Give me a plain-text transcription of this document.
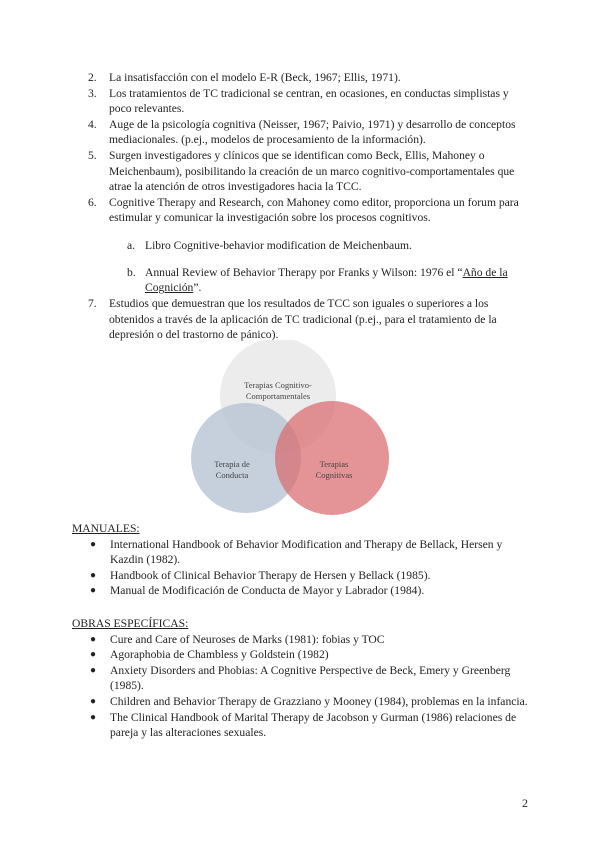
2. La insatisfacción con el modelo E-R (Beck, 1967; Ellis, 1971).

3. Los tratamientos de TC tradicional se centran, en ocasiones, en conductas simplistas y poco relevantes.

4. Auge de la psicología cognitiva (Neisser, 1967; Paivio, 1971) y desarrollo de conceptos mediacionales. (p.ej., modelos de procesamiento de la información).

5. Surgen investigadores y clínicos que se identifican como Beck, Ellis, Mahoney o Meichenbaum), posibilitando la creación de un marco cognitivo-comportamentales que atrae la atención de otros investigadores hacia la TCC.

6. Cognitive Therapy and Research, con Mahoney como editor, proporciona un forum para estimular y comunicar la investigación sobre los procesos cognitivos.

a. Libro Cognitive-behavior modification de Meichenbaum.

b. Annual Review of Behavior Therapy por Franks y Wilson: 1976 el “Año de la Cognición”.

7. Estudios que demuestran que los resultados de TCC son iguales o superiores a los obtenidos a través de la aplicación de TC tradicional (p.ej., para el tratamiento de la depresión o del trastorno de pánico).

Terapias Cognitivo-
Comportamentales
Terapia de
Conducta
Terapias
Cognitivas

MANUALES:

● International Handbook of Behavior Modification and Therapy de Bellack, Hersen y Kazdin (1982).

● Handbook of Clinical Behavior Therapy de Hersen y Bellack (1985).

● Manual de Modificación de Conducta de Mayor y Labrador (1984).

OBRAS ESPECÍFICAS:

● Cure and Care of Neuroses de Marks (1981): fobias y TOC

● Agoraphobia de Chambless y Goldstein (1982)

● Anxiety Disorders and Phobias: A Cognitive Perspective de Beck, Emery y Greenberg (1985).

● Children and Behavior Therapy de Grazziano y Mooney (1984), problemas en la infancia.

● The Clinical Handbook of Marital Therapy de Jacobson y Gurman (1986) relaciones de pareja y las alteraciones sexuales.

2
